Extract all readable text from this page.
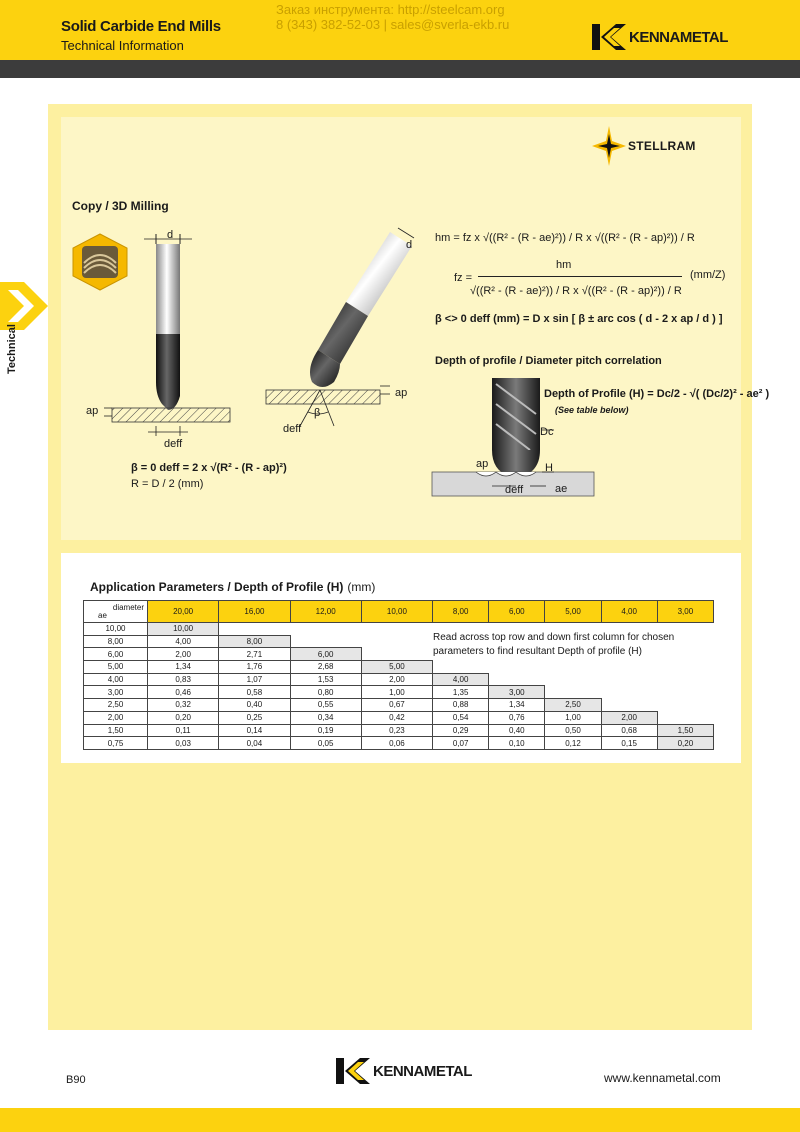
Solid Carbide End Mills
Technical Information
Заказ инструмента: http://steelcam.org
8 (343) 382-52-03 | sales@sverla-ekb.ru
KENNAMETAL
Technical
STELLRAM
Copy / 3D Milling
d
ap
deff
d
ap
β
deff
β = 0 deff = 2 x √(R² - (R - ap)²)
R = D / 2 (mm)
hm = fz x √((R² - (R - ae)²)) / R x √((R² - (R - ap)²)) / R
hm
fz =	(mm/Z)
√((R² - (R - ae)²)) / R x √((R² - (R - ap)²)) / R
β <> 0 deff (mm) = D x sin [ β ± arc cos ( d - 2 x ap / d ) ]
Depth of profile / Diameter pitch correlation
Dc
ap	H
deff	ae
Depth of Profile (H) = Dc/2 - √( (Dc/2)² - ae² )
(See table below)
Application Parameters / Depth of Profile (H) (mm)
diameter
ae	20,00	16,00	12,00	10,00	8,00	6,00	5,00	4,00	3,00
10,00	10,00								
8,00	4,00	8,00							
6,00	2,00	2,71	6,00						
5,00	1,34	1,76	2,68	5,00					
4,00	0,83	1,07	1,53	2,00	4,00				
3,00	0,46	0,58	0,80	1,00	1,35	3,00			
2,50	0,32	0,40	0,55	0,67	0,88	1,34	2,50		
2,00	0,20	0,25	0,34	0,42	0,54	0,76	1,00	2,00	
1,50	0,11	0,14	0,19	0,23	0,29	0,40	0,50	0,68	1,50
0,75	0,03	0,04	0,05	0,06	0,07	0,10	0,12	0,15	0,20
Read across top row and down first column for chosen parameters to find resultant Depth of profile (H)
B90
KENNAMETAL	www.kennametal.com
